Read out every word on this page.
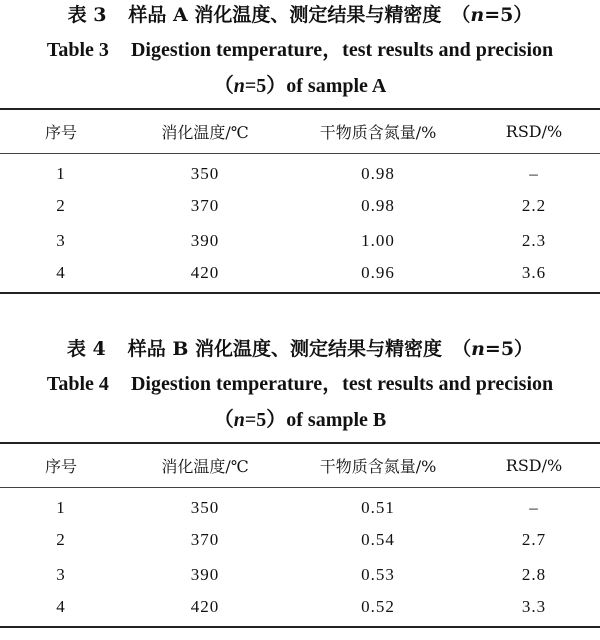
表 3 样品 A 消化温度、测定结果与精密度 （n=5）
Table 3 Digestion temperature，test results and precision
（n=5）of sample A
序号	消化温度/℃	干物质含氮量/%	RSD/%
1	350	0.98	–
2	370	0.98	2.2
3	390	1.00	2.3
4	420	0.96	3.6
表 4 样品 B 消化温度、测定结果与精密度 （n=5）
Table 4 Digestion temperature，test results and precision
（n=5）of sample B
序号	消化温度/℃	干物质含氮量/%	RSD/%
1	350	0.51	–
2	370	0.54	2.7
3	390	0.53	2.8
4	420	0.52	3.3
